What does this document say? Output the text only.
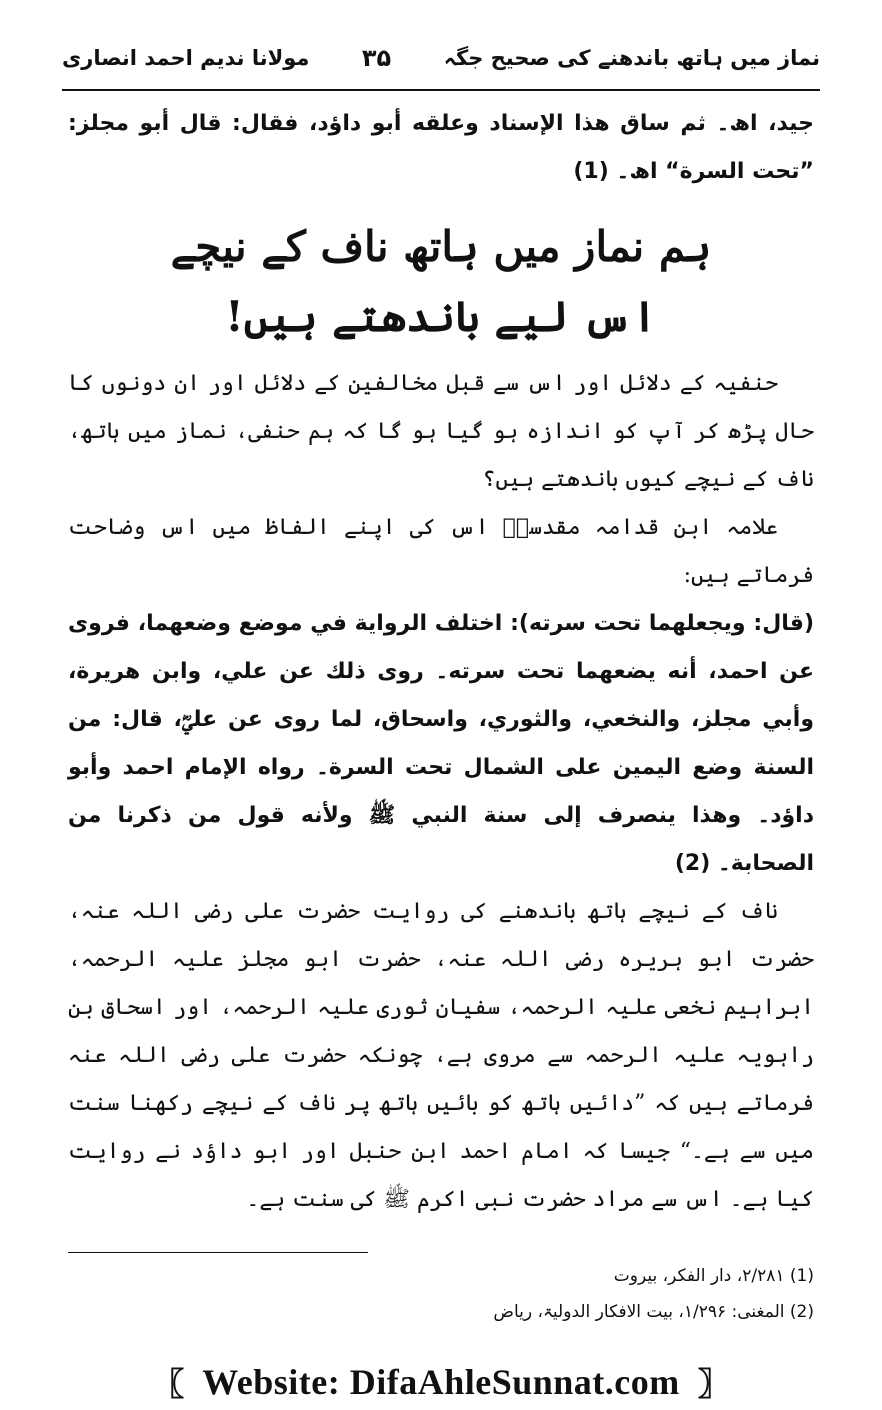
نماز میں ہاتھ باندھنے کی صحیح جگہ
۳۵
مولانا ندیم احمد انصاری

جيد، اھ۔ ثم ساق هذا الإسناد وعلقه أبو داؤد، فقال: قال أبو مجلز: ”تحت السرة“ اھ۔ (1)

ہم نماز میں ہاتھ ناف کے نیچے
اس لیے باندھتے ہیں!

حنفیہ کے دلائل اور اس سے قبل مخالفین کے دلائل اور ان دونوں کا حال پڑھ کر آپ کو اندازہ ہو گیا ہو گا کہ ہم حنفی، نماز میں ہاتھ، ناف کے نیچے کیوں باندھتے ہیں؟

علامہ ابن قدامہ مقدسیؒ اس کی اپنے الفاظ میں اس وضاحت فرماتے ہیں:

(قال: ويجعلهما تحت سرته): اختلف الرواية في موضع وضعهما، فروى عن احمد، أنه يضعهما تحت سرته۔ روى ذلك عن علي، وابن هريرة، وأبي مجلز، والنخعي، والثوري، واسحاق، لما روى عن عليؓ، قال: من السنة وضع اليمين على الشمال تحت السرة۔ رواه الإمام احمد وأبو داؤد۔ وهذا ينصرف إلى سنة النبي ﷺ ولأنه قول من ذكرنا من الصحابة۔ (2)

ناف کے نیچے ہاتھ باندھنے کی روایت حضرت علی رضی اللہ عنہ، حضرت ابو ہریرہ رضی اللہ عنہ، حضرت ابو مجلز علیہ الرحمہ، ابراہیم نخعی علیہ الرحمہ، سفیان ثوری علیہ الرحمہ، اور اسحاق بن راہویہ علیہ الرحمہ سے مروی ہے، چونکہ حضرت علی رضی اللہ عنہ فرماتے ہیں کہ ”دائیں ہاتھ کو بائیں ہاتھ پر ناف کے نیچے رکھنا سنت میں سے ہے۔“ جیسا کہ امام احمد ابن حنبل اور ابو داؤد نے روایت کیا ہے۔ اس سے مراد حضرت نبی اکرم ﷺ کی سنت ہے۔

(1) ۲/۲۸۱، دار الفکر، بیروت
(2) المغنی: ۱/۲۹۶، بیت الافکار الدولیۃ، ریاض
〖 Website: DifaAhleSunnat.com 〗
